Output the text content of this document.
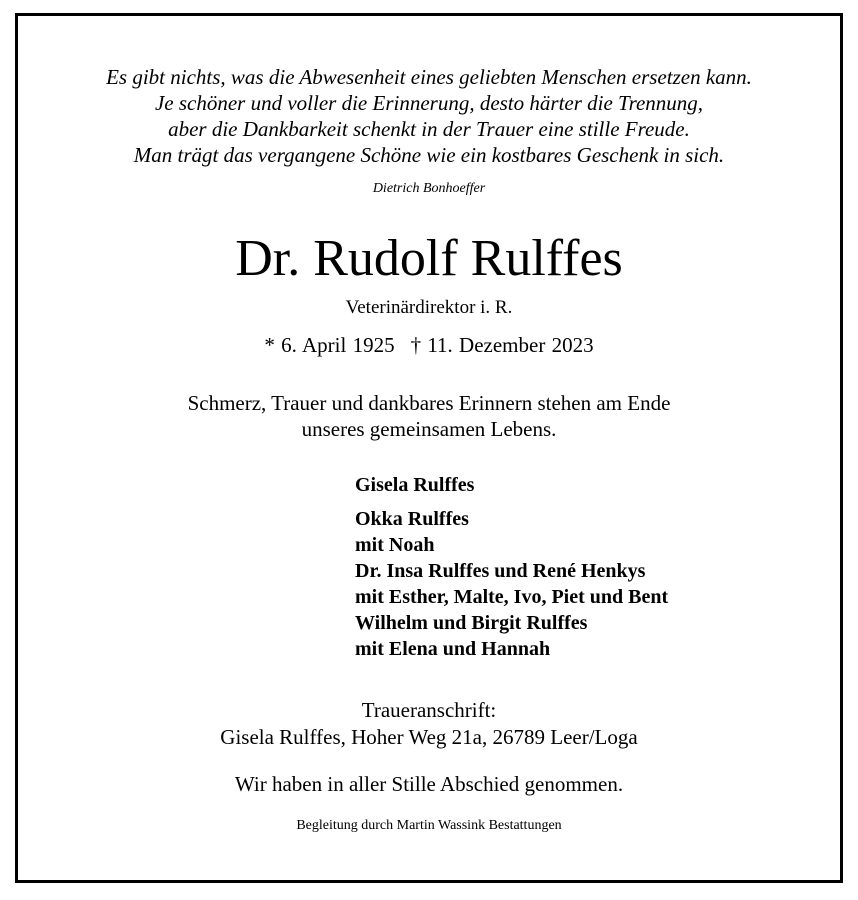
Es gibt nichts, was die Abwesenheit eines geliebten Menschen ersetzen kann.
Je schöner und voller die Erinnerung, desto härter die Trennung,
aber die Dankbarkeit schenkt in der Trauer eine stille Freude.
Man trägt das vergangene Schöne wie ein kostbares Geschenk in sich.
Dietrich Bonhoeffer
Dr. Rudolf Rulffes
Veterinärdirektor i. R.
* 6. April 1925 † 11. Dezember 2023
Schmerz, Trauer und dankbares Erinnern stehen am Ende
unseres gemeinsamen Lebens.
Gisela Rulffes
Okka Rulffes
mit Noah
Dr. Insa Rulffes und René Henkys
mit Esther, Malte, Ivo, Piet und Bent
Wilhelm und Birgit Rulffes
mit Elena und Hannah
Traueranschrift:
Gisela Rulffes, Hoher Weg 21a, 26789 Leer/Loga
Wir haben in aller Stille Abschied genommen.
Begleitung durch Martin Wassink Bestattungen
